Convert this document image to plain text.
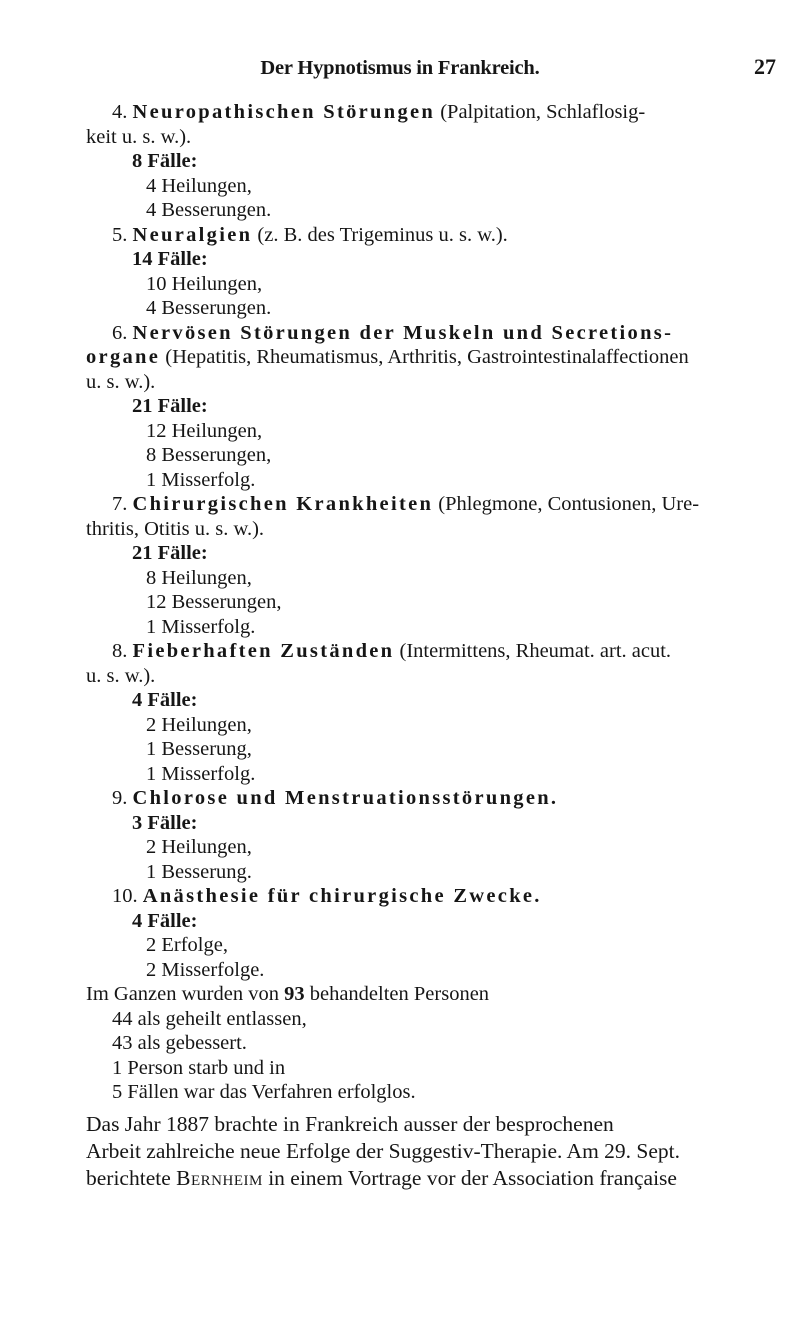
Der Hypnotismus in Frankreich.	27
4. Neuropathischen Störungen (Palpitation, Schlaflosig-
keit u. s. w.).
8 Fälle:
4 Heilungen,
4 Besserungen.
5. Neuralgien (z. B. des Trigeminus u. s. w.).
14 Fälle:
10 Heilungen,
4 Besserungen.
6. Nervösen Störungen der Muskeln und Secretions-
organe (Hepatitis, Rheumatismus, Arthritis, Gastrointestinalaffectionen
u. s. w.).
21 Fälle:
12 Heilungen,
8 Besserungen,
1 Misserfolg.
7. Chirurgischen Krankheiten (Phlegmone, Contusionen, Ure-
thritis, Otitis u. s. w.).
21 Fälle:
8 Heilungen,
12 Besserungen,
1 Misserfolg.
8. Fieberhaften Zuständen (Intermittens, Rheumat. art. acut.
u. s. w.).
4 Fälle:
2 Heilungen,
1 Besserung,
1 Misserfolg.
9. Chlorose und Menstruationsstörungen.
3 Fälle:
2 Heilungen,
1 Besserung.
10. Anästhesie für chirurgische Zwecke.
4 Fälle:
2 Erfolge,
2 Misserfolge.
Im Ganzen wurden von 93 behandelten Personen
44 als geheilt entlassen,
43 als gebessert.
1 Person starb und in
5 Fällen war das Verfahren erfolglos.
Das Jahr 1887 brachte in Frankreich ausser der besprochenen
Arbeit zahlreiche neue Erfolge der Suggestiv-Therapie. Am 29. Sept.
berichtete Bernheim in einem Vortrage vor der Association française
